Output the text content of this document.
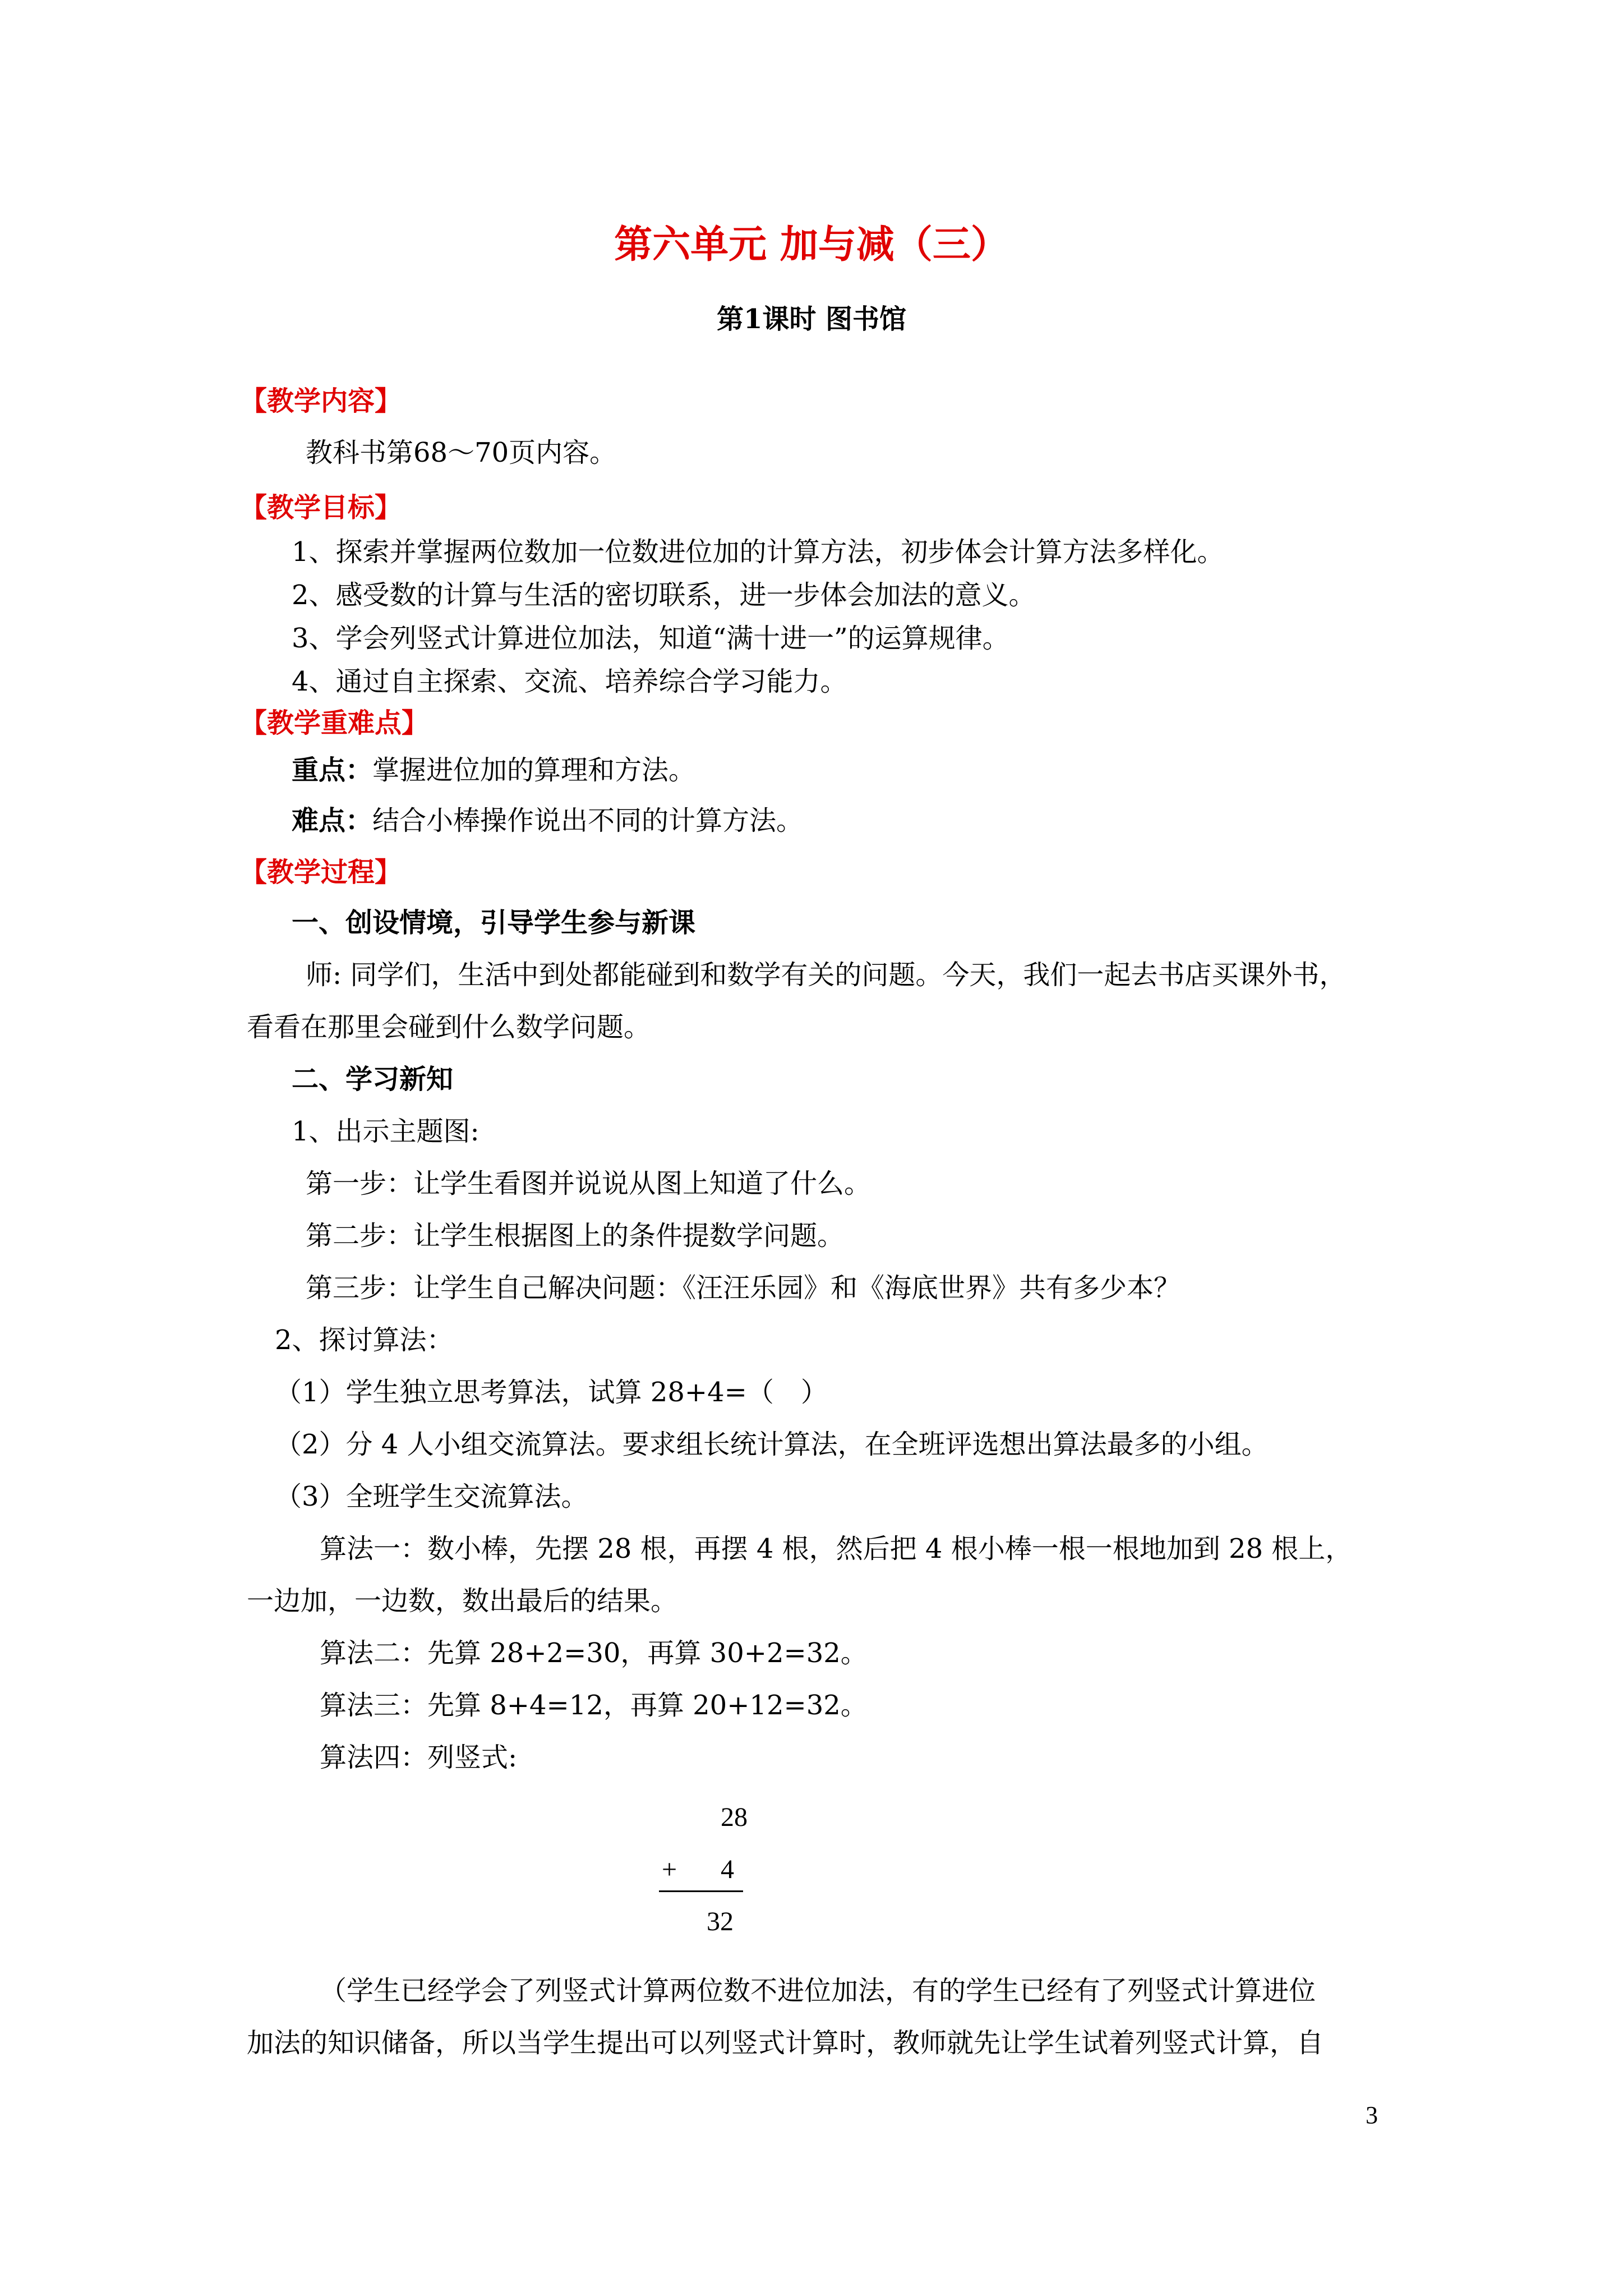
第六单元 加与减（三）
第1课时 图书馆
【教学内容】
教科书第68～70页内容。
【教学目标】
1、探索并掌握两位数加一位数进位加的计算方法，初步体会计算方法多样化。
2、感受数的计算与生活的密切联系，进一步体会加法的意义。
3、学会列竖式计算进位加法，知道“满十进一”的运算规律。
4、通过自主探索、交流、培养综合学习能力。
【教学重难点】
重点：掌握进位加的算理和方法。
难点：结合小棒操作说出不同的计算方法。
【教学过程】
一、创设情境，引导学生参与新课
师: 同学们，生活中到处都能碰到和数学有关的问题。今天，我们一起去书店买课外书，
看看在那里会碰到什么数学问题。
二、学习新知
1、出示主题图:
第一步：让学生看图并说说从图上知道了什么。
第二步：让学生根据图上的条件提数学问题。
第三步：让学生自己解决问题：《汪汪乐园》和《海底世界》共有多少本？
2、探讨算法：
（1）学生独立思考算法，试算 28+4=（　）
（2）分 4 人小组交流算法。要求组长统计算法，在全班评选想出算法最多的小组。
（3）全班学生交流算法。
算法一：数小棒，先摆 28 根，再摆 4 根，然后把 4 根小棒一根一根地加到 28 根上，
一边加，一边数，数出最后的结果。
算法二：先算 28+2=30，再算 30+2=32。
算法三：先算 8+4=12，再算 20+12=32。
算法四：列竖式:
28
+ 4
32
（学生已经学会了列竖式计算两位数不进位加法，有的学生已经有了列竖式计算进位
加法的知识储备，所以当学生提出可以列竖式计算时，教师就先让学生试着列竖式计算，自
3
